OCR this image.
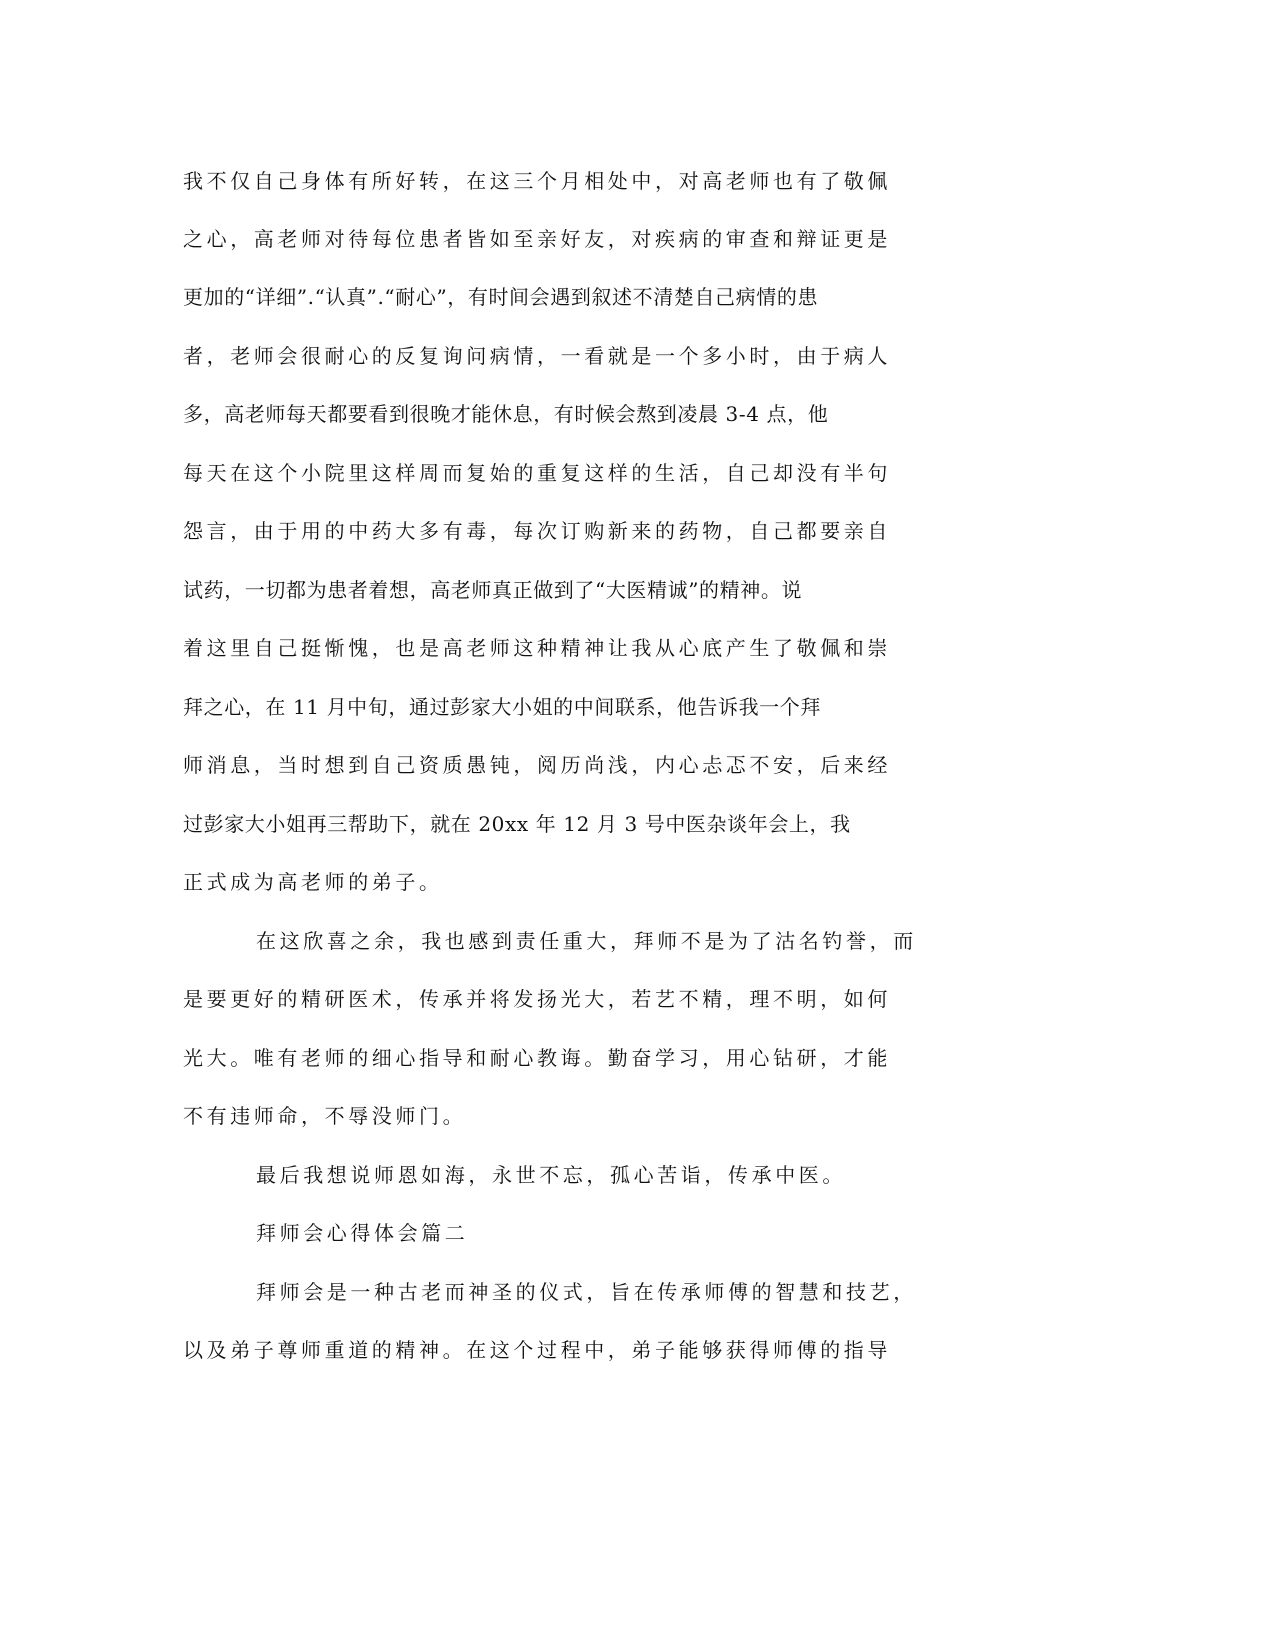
我不仅自己身体有所好转，在这三个月相处中，对高老师也有了敬佩
之心，高老师对待每位患者皆如至亲好友，对疾病的审查和辩证更是
更加的“详细”.“认真”.“耐心”，有时间会遇到叙述不清楚自己病情的患
者，老师会很耐心的反复询问病情，一看就是一个多小时，由于病人
多，高老师每天都要看到很晚才能休息，有时候会熬到凌晨 3-4 点，他
每天在这个小院里这样周而复始的重复这样的生活，自己却没有半句
怨言，由于用的中药大多有毒，每次订购新来的药物，自己都要亲自
试药，一切都为患者着想，高老师真正做到了“大医精诚”的精神。说
着这里自己挺惭愧，也是高老师这种精神让我从心底产生了敬佩和崇
拜之心，在 11 月中旬，通过彭家大小姐的中间联系，他告诉我一个拜
师消息，当时想到自己资质愚钝，阅历尚浅，内心忐忑不安，后来经
过彭家大小姐再三帮助下，就在 20xx 年 12 月 3 号中医杂谈年会上，我
正式成为高老师的弟子。
在这欣喜之余，我也感到责任重大，拜师不是为了沽名钓誉，而
是要更好的精研医术，传承并将发扬光大，若艺不精，理不明，如何
光大。唯有老师的细心指导和耐心教诲。勤奋学习，用心钻研，才能
不有违师命，不辱没师门。
最后我想说师恩如海，永世不忘，孤心苦诣，传承中医。
拜师会心得体会篇二
拜师会是一种古老而神圣的仪式，旨在传承师傅的智慧和技艺，
以及弟子尊师重道的精神。在这个过程中，弟子能够获得师傅的指导
